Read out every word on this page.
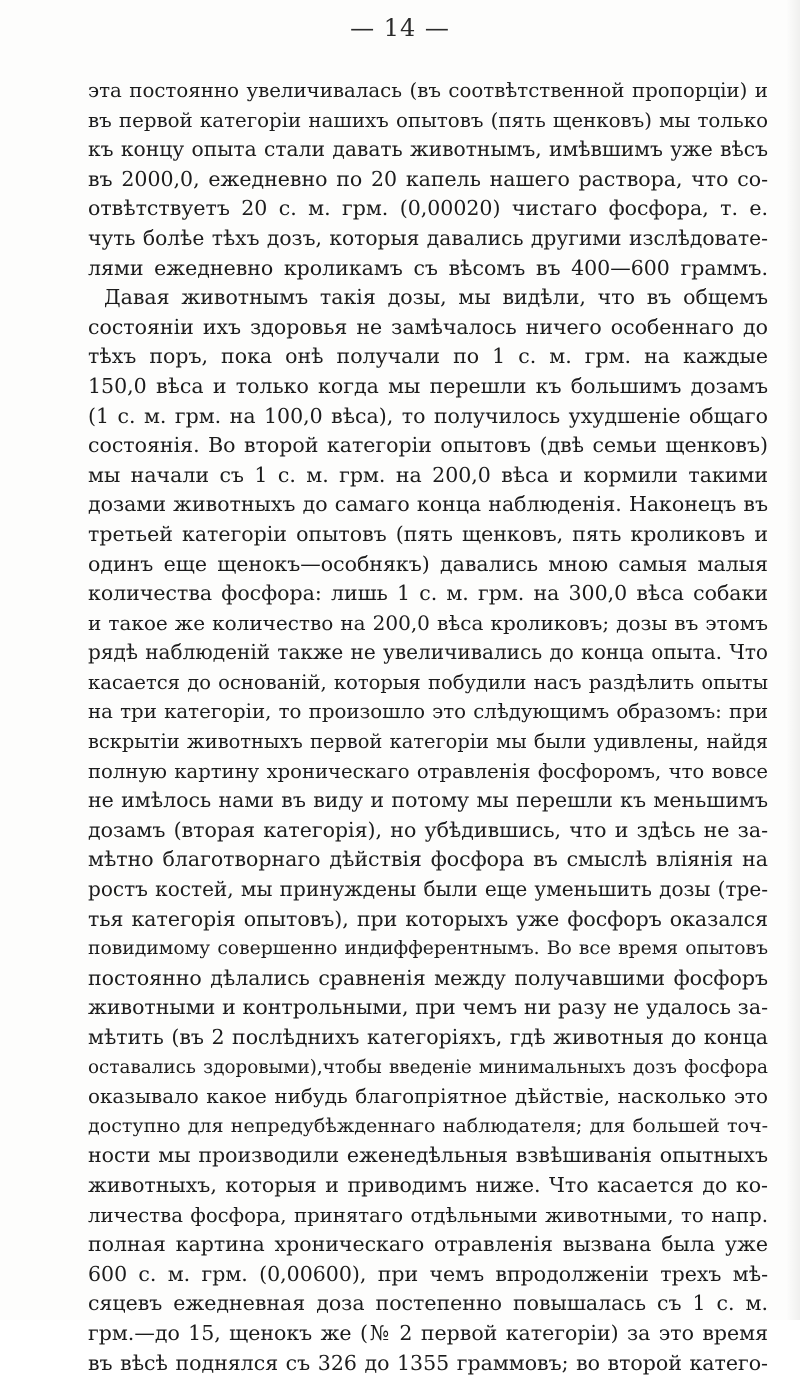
— 14 —
эта постоянно увеличивалась (въ соотвѣтственной пропорціи) и
въ первой категоріи нашихъ опытовъ (пять щенковъ) мы только
къ концу опыта стали давать животнымъ, имѣвшимъ уже вѣсъ
въ 2000,0, ежедневно по 20 капель нашего раствора, что со-
отвѣтствуетъ 20 с. м. грм. (0,00020) чистаго фосфора, т. е.
чуть болѣе тѣхъ дозъ, которыя давались другими изслѣдовате-
лями ежедневно кроликамъ съ вѣсомъ въ 400—600 граммъ.
Давая животнымъ такія дозы, мы видѣли, что въ общемъ
состояніи ихъ здоровья не замѣчалось ничего особеннаго до
тѣхъ поръ, пока онѣ получали по 1 с. м. грм. на каждые
150,0 вѣса и только когда мы перешли къ большимъ дозамъ
(1 с. м. грм. на 100,0 вѣса), то получилось ухудшеніе общаго
состоянія. Во второй категоріи опытовъ (двѣ семьи щенковъ)
мы начали съ 1 с. м. грм. на 200,0 вѣса и кормили такими
дозами животныхъ до самаго конца наблюденія. Наконецъ въ
третьей категоріи опытовъ (пять щенковъ, пять кроликовъ и
одинъ еще щенокъ—особнякъ) давались мною самыя малыя
количества фосфора: лишь 1 с. м. грм. на 300,0 вѣса собаки
и такое же количество на 200,0 вѣса кроликовъ; дозы въ этомъ
рядѣ наблюденій также не увеличивались до конца опыта. Что
касается до основаній, которыя побудили насъ раздѣлить опыты
на три категоріи, то произошло это слѣдующимъ образомъ: при
вскрытіи животныхъ первой категоріи мы были удивлены, найдя
полную картину хроническаго отравленія фосфоромъ, что вовсе
не имѣлось нами въ виду и потому мы перешли къ меньшимъ
дозамъ (вторая категорія), но убѣдившись, что и здѣсь не за-
мѣтно благотворнаго дѣйствія фосфора въ смыслѣ вліянія на
ростъ костей, мы принуждены были еще уменьшить дозы (тре-
тья категорія опытовъ), при которыхъ уже фосфоръ оказался
повидимому совершенно индифферентнымъ. Во все время опытовъ
постоянно дѣлались сравненія между получавшими фосфоръ
животными и контрольными, при чемъ ни разу не удалось за-
мѣтить (въ 2 послѣднихъ категоріяхъ, гдѣ животныя до конца
оставались здоровыми),чтобы введеніе минимальныхъ дозъ фосфора
оказывало какое нибудь благопріятное дѣйствіе, насколько это
доступно для непредубѣжденнаго наблюдателя; для большей точ-
ности мы производили еженедѣльныя взвѣшиванія опытныхъ
животныхъ, которыя и приводимъ ниже. Что касается до ко-
личества фосфора, принятаго отдѣльными животными, то напр.
полная картина хроническаго отравленія вызвана была уже
600 с. м. грм. (0,00600), при чемъ впродолженіи трехъ мѣ-
сяцевъ ежедневная доза постепенно повышалась съ 1 с. м.
грм.—до 15, щенокъ же (№ 2 первой категоріи) за это время
въ вѣсѣ поднялся съ 326 до 1355 граммовъ; во второй катего-
